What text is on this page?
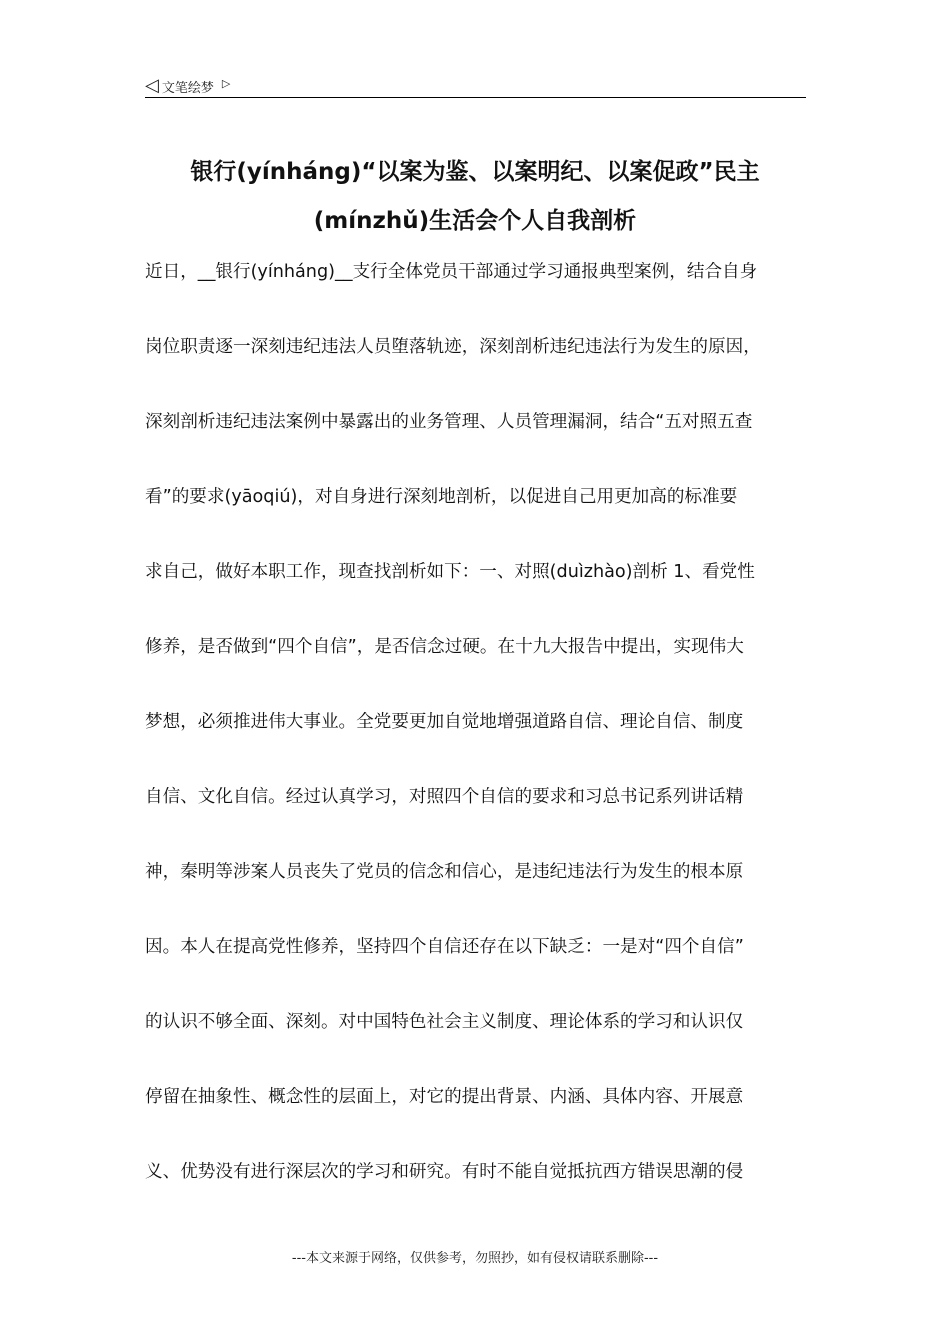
◁ 文笔绘梦 ▷
银行(yínháng)“以案为鉴、以案明纪、以案促政”民主
(mínzhǔ)生活会个人自我剖析

近日，__银行(yínháng)__支行全体党员干部通过学习通报典型案例，结合自身

岗位职责逐一深刻违纪违法人员堕落轨迹，深刻剖析违纪违法行为发生的原因，

深刻剖析违纪违法案例中暴露出的业务管理、人员管理漏洞，结合“五对照五查

看”的要求(yāoqiú)，对自身进行深刻地剖析，以促进自己用更加高的标准要

求自己，做好本职工作，现查找剖析如下：一、对照(duìzhào)剖析 1、看党性

修养，是否做到“四个自信”，是否信念过硬。在十九大报告中提出，实现伟大

梦想，必须推进伟大事业。全党要更加自觉地增强道路自信、理论自信、制度

自信、文化自信。经过认真学习，对照四个自信的要求和习总书记系列讲话精

神，秦明等涉案人员丧失了党员的信念和信心，是违纪违法行为发生的根本原

因。本人在提高党性修养，坚持四个自信还存在以下缺乏：一是对“四个自信”

的认识不够全面、深刻。对中国特色社会主义制度、理论体系的学习和认识仅

停留在抽象性、概念性的层面上，对它的提出背景、内涵、具体内容、开展意

义、优势没有进行深层次的学习和研究。有时不能自觉抵抗西方错误思潮的侵

---本文来源于网络，仅供参考，勿照抄，如有侵权请联系删除---
